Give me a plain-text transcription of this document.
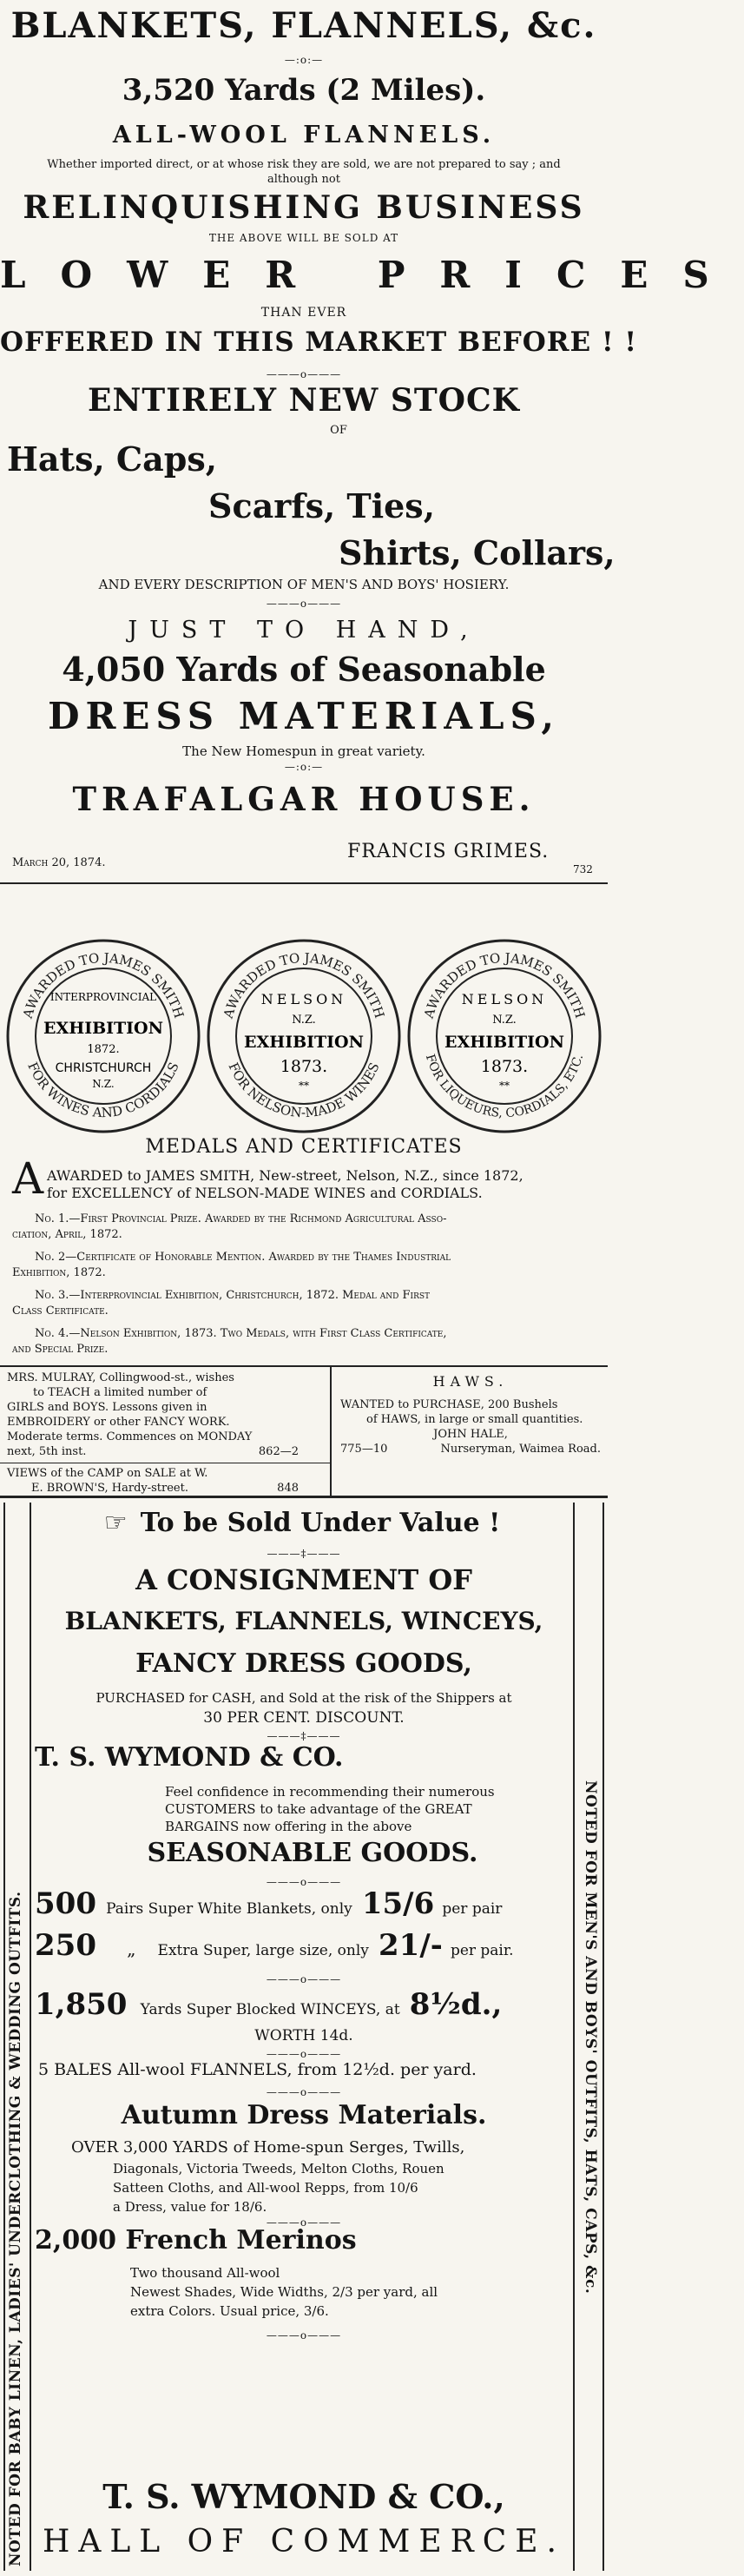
BLANKETS, FLANNELS, &c.
—:o:—
3,520 Yards (2 Miles).
ALL-WOOL FLANNELS.
Whether imported direct, or at whose risk they are sold, we are not prepared to say ; and
although not
RELINQUISHING BUSINESS
THE ABOVE WILL BE SOLD AT
LOWER PRICES
THAN EVER
OFFERED IN THIS MARKET BEFORE ! !
———o———
ENTIRELY NEW STOCK
OF
Hats, Caps,
Scarfs, Ties,
Shirts, Collars,
AND EVERY DESCRIPTION OF MEN'S AND BOYS' HOSIERY.
———o———
JUST TO HAND,
4,050 Yards of Seasonable
DRESS MATERIALS,
The New Homespun in great variety.
—:o:—
TRAFALGAR HOUSE.
March 20, 1874.
FRANCIS GRIMES.
732
AWARDED TO JAMES SMITH
FOR WINES AND CORDIALS
INTERPROVINCIAL
EXHIBITION
1872.
CHRISTCHURCH
N.Z.
AWARDED TO JAMES SMITH
FOR NELSON-MADE WINES
NELSON
N.Z.
EXHIBITION
1873.
**
AWARDED TO JAMES SMITH
FOR LIQUEURS, CORDIALS, ETC.
NELSON
N.Z.
EXHIBITION
1873.
**
MEDALS AND CERTIFICATES
A AWARDED to JAMES SMITH, New-street, Nelson, N.Z., since 1872,
for EXCELLENCY of NELSON-MADE WINES and CORDIALS.
No. 1.—First Provincial Prize. Awarded by the Richmond Agricultural Asso-
ciation, April, 1872.
No. 2—Certificate of Honorable Mention. Awarded by the Thames Industrial
Exhibition, 1872.
No. 3.—Interprovincial Exhibition, Christchurch, 1872. Medal and First
Class Certificate.
No. 4.—Nelson Exhibition, 1873. Two Medals, with First Class Certificate,
and Special Prize.
MRS. MULRAY, Collingwood-st., wishes
to TEACH a limited number of
GIRLS and BOYS. Lessons given in
EMBROIDERY or other FANCY WORK.
Moderate terms. Commences on MONDAY
next, 5th inst.	862—2
VIEWS of the CAMP on SALE at W.
E. BROWN'S, Hardy-street.	848
HAWS.
WANTED to PURCHASE, 200 Bushels
of HAWS, in large or small quantities.
JOHN HALE,
775—10	Nurseryman, Waimea Road.
NOTED FOR BABY LINEN, LADIES' UNDERCLOTHING & WEDDING OUTFITS.	NOTED FOR MEN'S AND BOYS' OUTFITS, HATS, CAPS, &c.
☞ To be Sold Under Value !
———‡———
A CONSIGNMENT OF
BLANKETS, FLANNELS, WINCEYS,
FANCY DRESS GOODS,
PURCHASED for CASH, and Sold at the risk of the Shippers at
30 PER CENT. DISCOUNT.
———‡———
T. S. WYMOND & CO.
Feel confidence in recommending their numerous
CUSTOMERS to take advantage of the GREAT
BARGAINS now offering in the above
SEASONABLE GOODS.
———o———
500 Pairs Super White Blankets, only 15/6 per pair
250 „ Extra Super, large size, only 21/- per pair.
———o———
1,850 Yards Super Blocked WINCEYS, at 8½d.,
WORTH 14d.
———o———
5 BALES All-wool FLANNELS, from 12½d. per yard.
———o———
Autumn Dress Materials.
OVER 3,000 YARDS of Home-spun Serges, Twills,
Diagonals, Victoria Tweeds, Melton Cloths, Rouen
Satteen Cloths, and All-wool Repps, from 10/6
a Dress, value for 18/6.
———o———
2,000 French Merinos
Two thousand All-wool
Newest Shades, Wide Widths, 2/3 per yard, all
extra Colors. Usual price, 3/6.
———o———
T. S. WYMOND & CO.,
HALL OF COMMERCE.
